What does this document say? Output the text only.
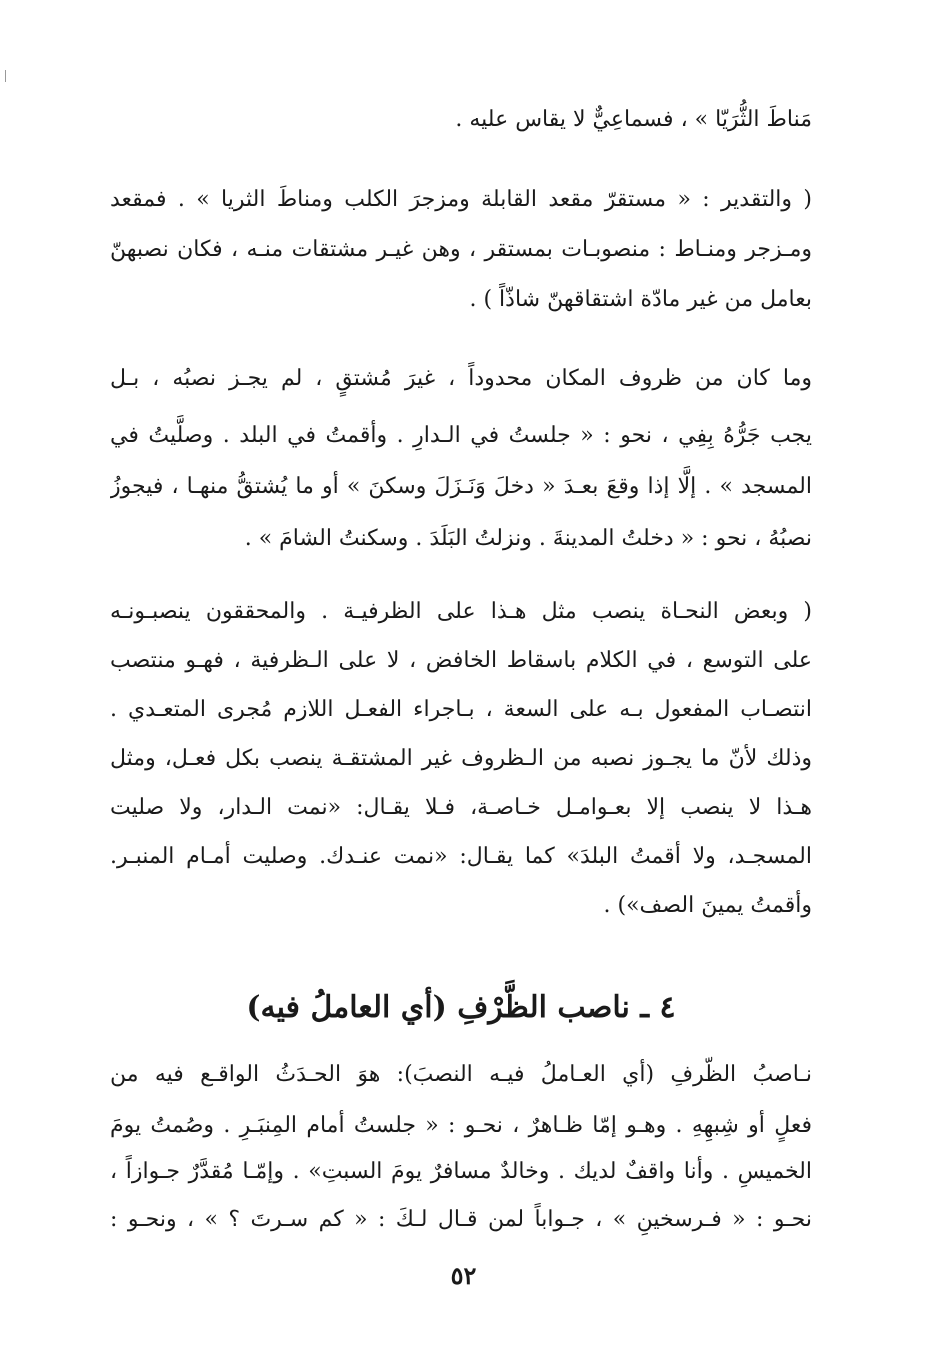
مَناطَ الثُّرَيّا » ، فسماعِيٌّ لا يقاس عليه .
( والتقدير : « مستقرّ مقعد القابلة ومزجرَ الكلب ومناطَ الثريا » . فمقعد
ومـزجر ومنـاط : منصوبـات بمستقر ، وهن غيـر مشتقات منـه ، فكان نصبهنّ
بعامل من غير مادّة اشتقاقهنّ شاذّاً ) .
وما كان من ظروف المكان محدوداً ، غيرَ مُشتقٍ ، لم يجـز نصبُه ، بـل
يجب جَرُّهُ بِفِي ، نحو : « جلستُ في الـدارِ . وأقمتُ في البلد . وصلَّيتُ في
المسجد » . إلَّا إذا وقعَ بعـدَ « دخلَ وَنَـزَلَ وسكنَ » أو ما يُشتقُّ منهـا ، فيجوزُ
نصبُهُ ، نحو : « دخلتُ المدينةَ . ونزلتُ البَلَدَ . وسكنتُ الشامَ » .
( وبعض النحـاة ينصب مثل هـذا على الظرفيـة . والمحققون ينصبـونـه
على التوسع ، في الكلام باسقاط الخافض ، لا على الـظرفية ، فهـو منتصب
انتصـاب المفعول بـه على السعة ، بـاجراء الفعـل اللازم مُجرى المتعـدي .
وذلك لأنّ ما يجـوز نصبه من الـظروف غير المشتقـة ينصب بكل فعـل، ومثل
هـذا لا ينصب إلا بعـوامـل خـاصـة، فـلا يقـال: «نمت الـدار، ولا صليت
المسجـد، ولا أقمتُ البلدَ» كما يقـال: «نمت عنـدك. وصليت أمـام المنبـر.
وأقمتُ يمينَ الصف») .
٤ ـ ناصب الظَّرْفِ (أي العاملُ فيه)
نـاصبُ الظّرفِ (أي العـاملُ فيـه النصبَ): هوَ الحـدَثُ الواقـع فيه من
فعلٍ أو شِبهِهِ . وهـو إمّا ظـاهرٌ ، نحـو : « جلستُ أمام المِنبَـرِ . وصُمتُ يومَ
الخميسِ . وأنا واقفٌ لديك . وخالدٌ مسافرٌ يومَ السبتِ» . وإمّـا مُقدَّرٌ جـوازاً ،
نحـو : « فـرسخينِ » ، جـواباً لمن قـال لـكَ : « كم سـرتَ ؟ » ، ونحـو :
٥٢
